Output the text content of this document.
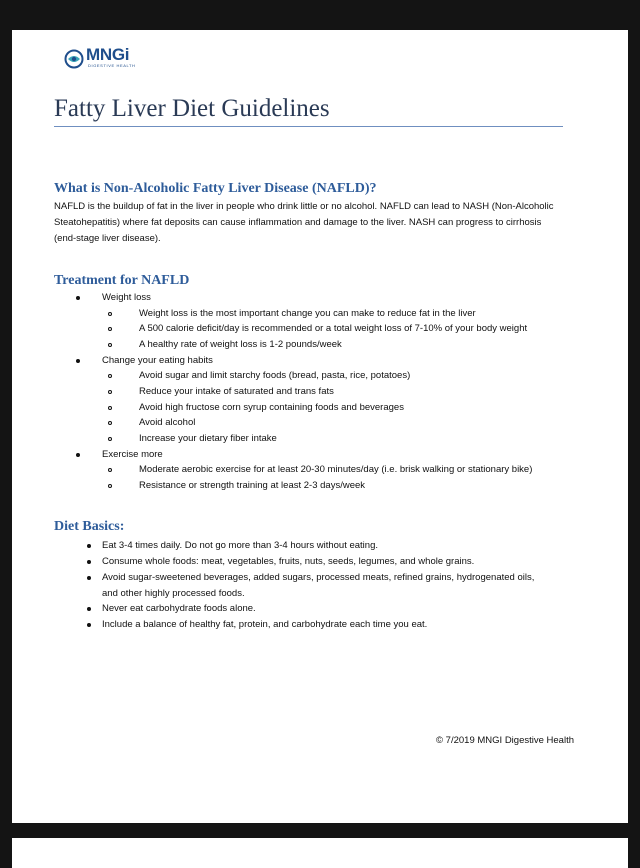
MNGi
DIGESTIVE HEALTH
Fatty Liver Diet Guidelines
What is Non-Alcoholic Fatty Liver Disease (NAFLD)?

NAFLD is the buildup of fat in the liver in people who drink little or no alcohol. NAFLD can lead to NASH (Non-Alcoholic Steatohepatitis) where fat deposits can cause inflammation and damage to the liver. NASH can progress to cirrhosis (end-stage liver disease).

Treatment for NAFLD
Weight loss
Weight loss is the most important change you can make to reduce fat in the liver
A 500 calorie deficit/day is recommended or a total weight loss of 7-10% of your body weight
A healthy rate of weight loss is 1-2 pounds/week
Change your eating habits
Avoid sugar and limit starchy foods (bread, pasta, rice, potatoes)
Reduce your intake of saturated and trans fats
Avoid high fructose corn syrup containing foods and beverages
Avoid alcohol
Increase your dietary fiber intake
Exercise more
Moderate aerobic exercise for at least 20-30 minutes/day (i.e. brisk walking or stationary bike)
Resistance or strength training at least 2-3 days/week
Diet Basics:
Eat 3-4 times daily. Do not go more than 3-4 hours without eating.
Consume whole foods: meat, vegetables, fruits, nuts, seeds, legumes, and whole grains.
Avoid sugar-sweetened beverages, added sugars, processed meats, refined grains, hydrogenated oils,
and other highly processed foods.
Never eat carbohydrate foods alone.
Include a balance of healthy fat, protein, and carbohydrate each time you eat.
© 7/2019 MNGI Digestive Health
